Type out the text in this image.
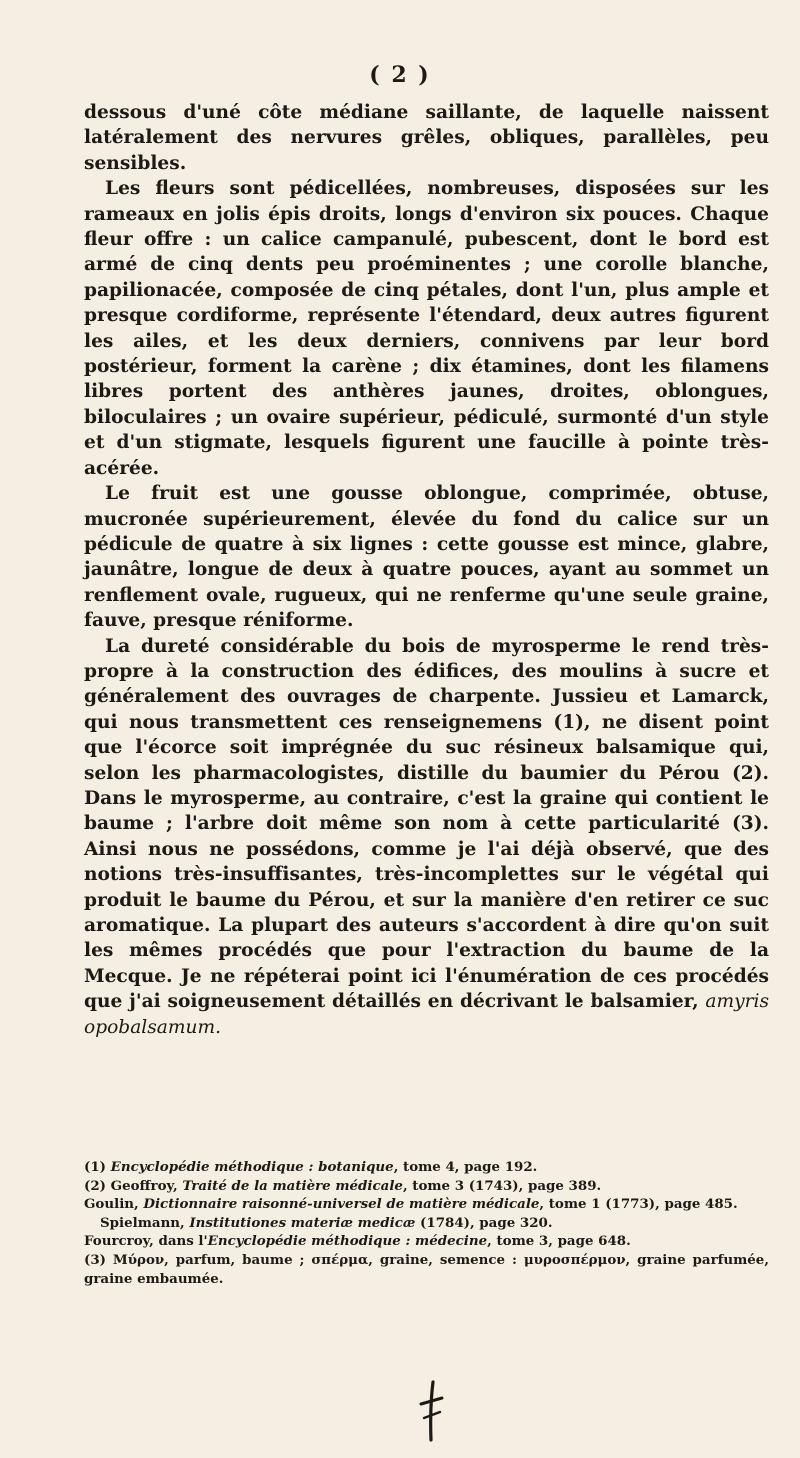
( 2 )

dessous d'uné côte médiane saillante, de laquelle naissent latéralement des nervures grêles, obliques, parallèles, peu sensibles.

Les fleurs sont pédicellées, nombreuses, disposées sur les rameaux en jolis épis droits, longs d'environ six pouces. Chaque fleur offre : un calice campanulé, pubescent, dont le bord est armé de cinq dents peu proéminentes ; une corolle blanche, papilionacée, composée de cinq pétales, dont l'un, plus ample et presque cordiforme, représente l'étendard, deux autres figurent les ailes, et les deux derniers, connivens par leur bord postérieur, forment la carène ; dix étamines, dont les filamens libres portent des anthères jaunes, droites, oblongues, biloculaires ; un ovaire supérieur, pédiculé, surmonté d'un style et d'un stigmate, lesquels figurent une faucille à pointe très-acérée.

Le fruit est une gousse oblongue, comprimée, obtuse, mucronée supérieurement, élevée du fond du calice sur un pédicule de quatre à six lignes : cette gousse est mince, glabre, jaunâtre, longue de deux à quatre pouces, ayant au sommet un renflement ovale, rugueux, qui ne renferme qu'une seule graine, fauve, presque réniforme.

La dureté considérable du bois de myrosperme le rend très-propre à la construction des édifices, des moulins à sucre et généralement des ouvrages de charpente. Jussieu et Lamarck, qui nous transmettent ces renseignemens (1), ne disent point que l'écorce soit imprégnée du suc résineux balsamique qui, selon les pharmacologistes, distille du baumier du Pérou (2). Dans le myrosperme, au contraire, c'est la graine qui contient le baume ; l'arbre doit même son nom à cette particularité (3). Ainsi nous ne possédons, comme je l'ai déjà observé, que des notions très-insuffisantes, très-incomplettes sur le végétal qui produit le baume du Pérou, et sur la manière d'en retirer ce suc aromatique. La plupart des auteurs s'accordent à dire qu'on suit les mêmes procédés que pour l'extraction du baume de la Mecque. Je ne répéterai point ici l'énumération de ces procédés que j'ai soigneusement détaillés en décrivant le balsamier, amyris opobalsamum.

(1) Encyclopédie méthodique : botanique, tome 4, page 192.

(2) Geoffroy, Traité de la matière médicale, tome 3 (1743), page 389.

Goulin, Dictionnaire raisonné-universel de matière médicale, tome 1 (1773), page 485.

Spielmann, Institutiones materiæ medicæ (1784), page 320.

Fourcroy, dans l'Encyclopédie méthodique : médecine, tome 3, page 648.

(3) Μύρον, parfum, baume ; σπέρμα, graine, semence : μυροσπέρμον, graine parfumée, graine embaumée.
